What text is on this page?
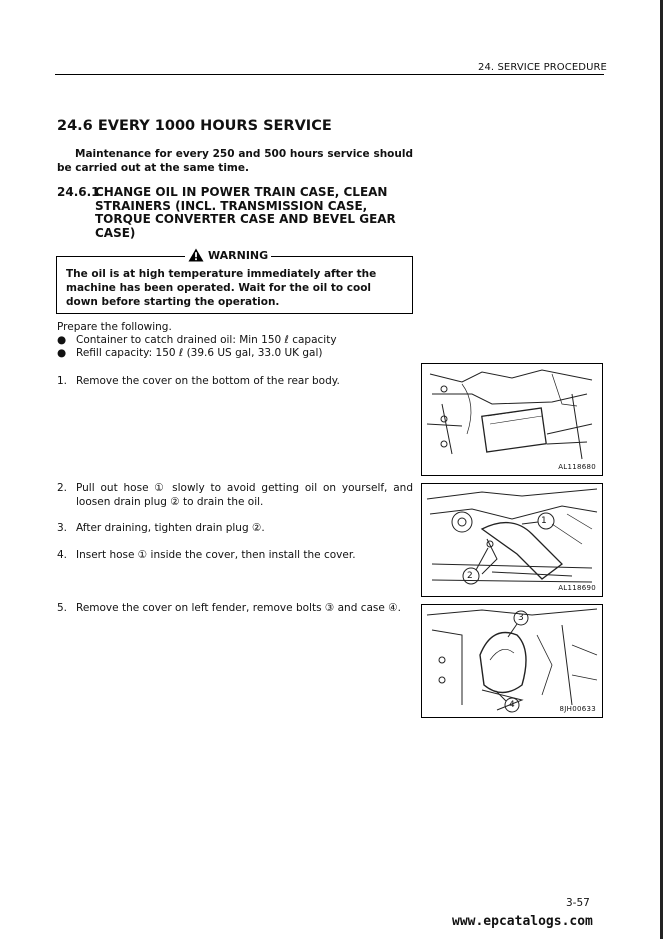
24. SERVICE PROCEDURE
24.6 EVERY 1000 HOURS SERVICE
Maintenance for every 250 and 500 hours service should be carried out at the same time.
24.6.1
CHANGE OIL IN POWER TRAIN CASE, CLEAN
STRAINERS (INCL. TRANSMISSION CASE, TORQUE CONVERTER CASE AND BEVEL GEAR CASE)
WARNING
The oil is at high temperature immediately after the machine has been operated. Wait for the oil to cool down before starting the operation.
Prepare the following.
● Container to catch drained oil: Min 150 ℓ capacity
● Refill capacity: 150 ℓ (39.6 US gal, 33.0 UK gal)
1. Remove the cover on the bottom of the rear body.
2. Pull out hose ① slowly to avoid getting oil on yourself, and loosen drain plug ② to drain the oil.
3. After draining, tighten drain plug ②.
4. Insert hose ① inside the cover, then install the cover.
5. Remove the cover on left fender, remove bolts ③ and case ④.
AL118680
1
2
AL118690
3
4	8JH00633
3-57
www.epcatalogs.com
